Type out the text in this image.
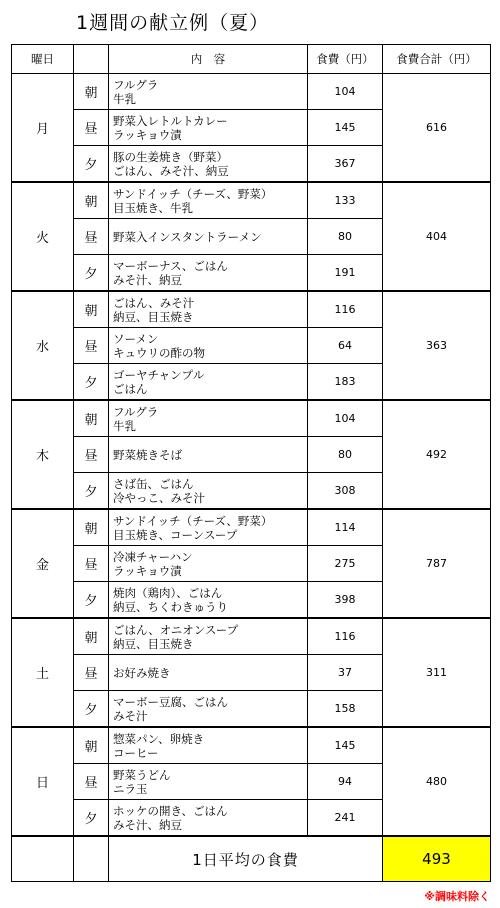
1週間の献立例（夏）
曜日		内　容	食費（円）	食費合計（円）
月	朝	フルグラ
牛乳	104	616
	昼	野菜入レトルトカレー
ラッキョウ漬	145	
	夕	豚の生姜焼き（野菜）
ごはん、みそ汁、納豆	367	
火	朝	サンドイッチ（チーズ、野菜）
目玉焼き、牛乳	133	404
	昼	野菜入インスタントラーメン	80	
	夕	マーボーナス、ごはん
みそ汁、納豆	191	
水	朝	ごはん、みそ汁
納豆、目玉焼き	116	363
	昼	ソーメン
キュウリの酢の物	64	
	夕	ゴーヤチャンプル
ごはん	183	
木	朝	フルグラ
牛乳	104	492
	昼	野菜焼きそば	80	
	夕	さば缶、ごはん
冷やっこ、みそ汁	308	
金	朝	サンドイッチ（チーズ、野菜）
目玉焼き、コーンスープ	114	787
	昼	冷凍チャーハン
ラッキョウ漬	275	
	夕	焼肉（鶏肉）、ごはん
納豆、ちくわきゅうり	398	
土	朝	ごはん、オニオンスープ
納豆、目玉焼き	116	311
	昼	お好み焼き	37	
	夕	マーボー豆腐、ごはん
みそ汁	158	
日	朝	惣菜パン、卵焼き
コーヒー	145	480
	昼	野菜うどん
ニラ玉	94	
	夕	ホッケの開き、ごはん
みそ汁、納豆	241	
		1日平均の食費		493
※調味料除く
